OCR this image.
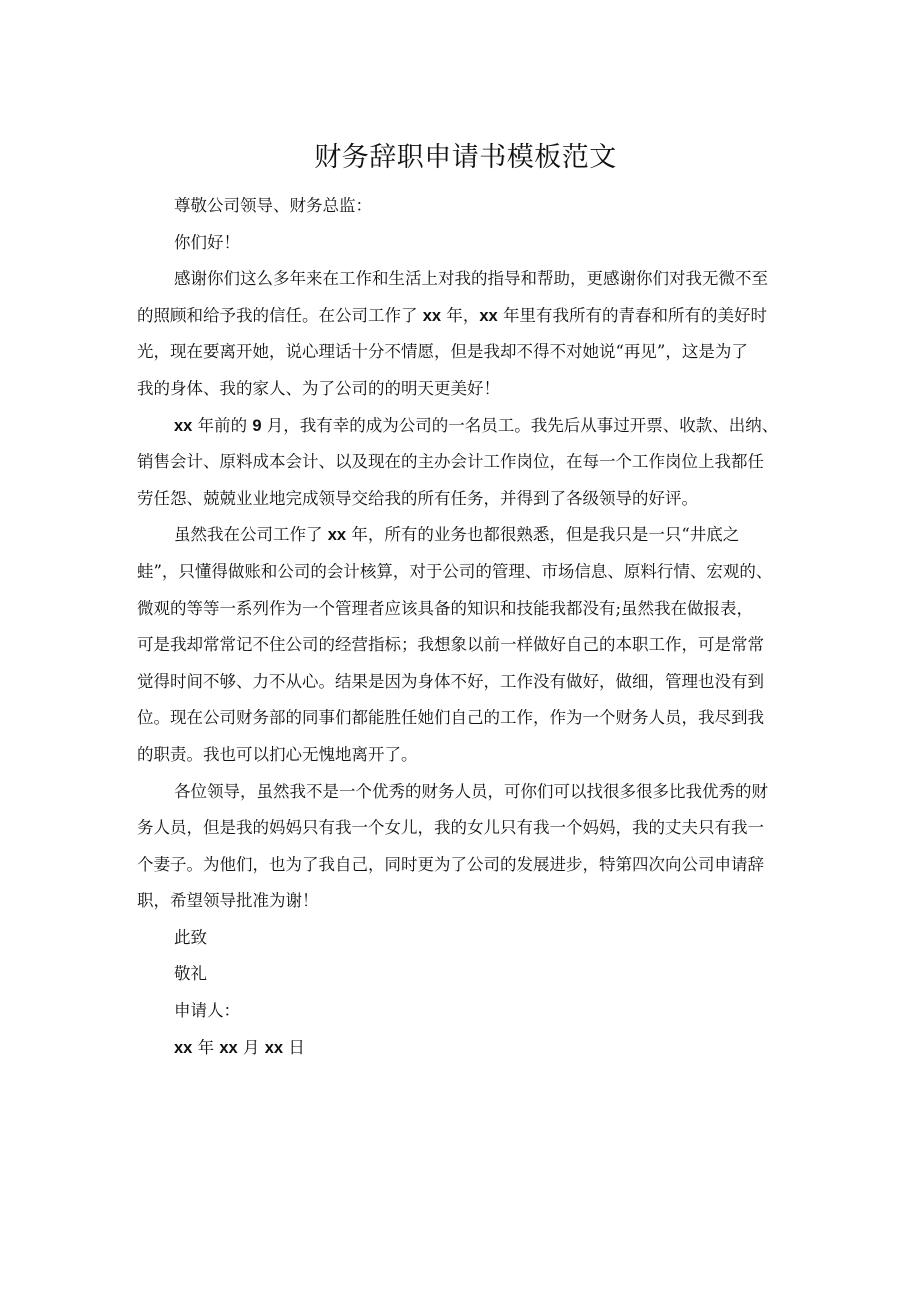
财务辞职申请书模板范文

尊敬公司领导、财务总监：

你们好！

感谢你们这么多年来在工作和生活上对我的指导和帮助，更感谢你们对我无微不至

的照顾和给予我的信任。在公司工作了 xx 年，xx 年里有我所有的青春和所有的美好时

光，现在要离开她，说心理话十分不情愿，但是我却不得不对她说“再见”，这是为了

我的身体、我的家人、为了公司的的明天更美好！

xx 年前的 9 月，我有幸的成为公司的一名员工。我先后从事过开票、收款、出纳、

销售会计、原料成本会计、以及现在的主办会计工作岗位，在每一个工作岗位上我都任

劳任怨、兢兢业业地完成领导交给我的所有任务，并得到了各级领导的好评。

虽然我在公司工作了 xx 年，所有的业务也都很熟悉，但是我只是一只“井底之

蛙”，只懂得做账和公司的会计核算，对于公司的管理、市场信息、原料行情、宏观的、

微观的等等一系列作为一个管理者应该具备的知识和技能我都没有;虽然我在做报表，

可是我却常常记不住公司的经营指标；我想象以前一样做好自己的本职工作，可是常常

觉得时间不够、力不从心。结果是因为身体不好，工作没有做好，做细，管理也没有到

位。现在公司财务部的同事们都能胜任她们自己的工作，作为一个财务人员，我尽到我

的职责。我也可以扪心无愧地离开了。

各位领导，虽然我不是一个优秀的财务人员，可你们可以找很多很多比我优秀的财

务人员，但是我的妈妈只有我一个女儿，我的女儿只有我一个妈妈，我的丈夫只有我一

个妻子。为他们，也为了我自己，同时更为了公司的发展进步，特第四次向公司申请辞

职，希望领导批准为谢！

此致

敬礼

申请人：

xx 年 xx 月 xx 日
